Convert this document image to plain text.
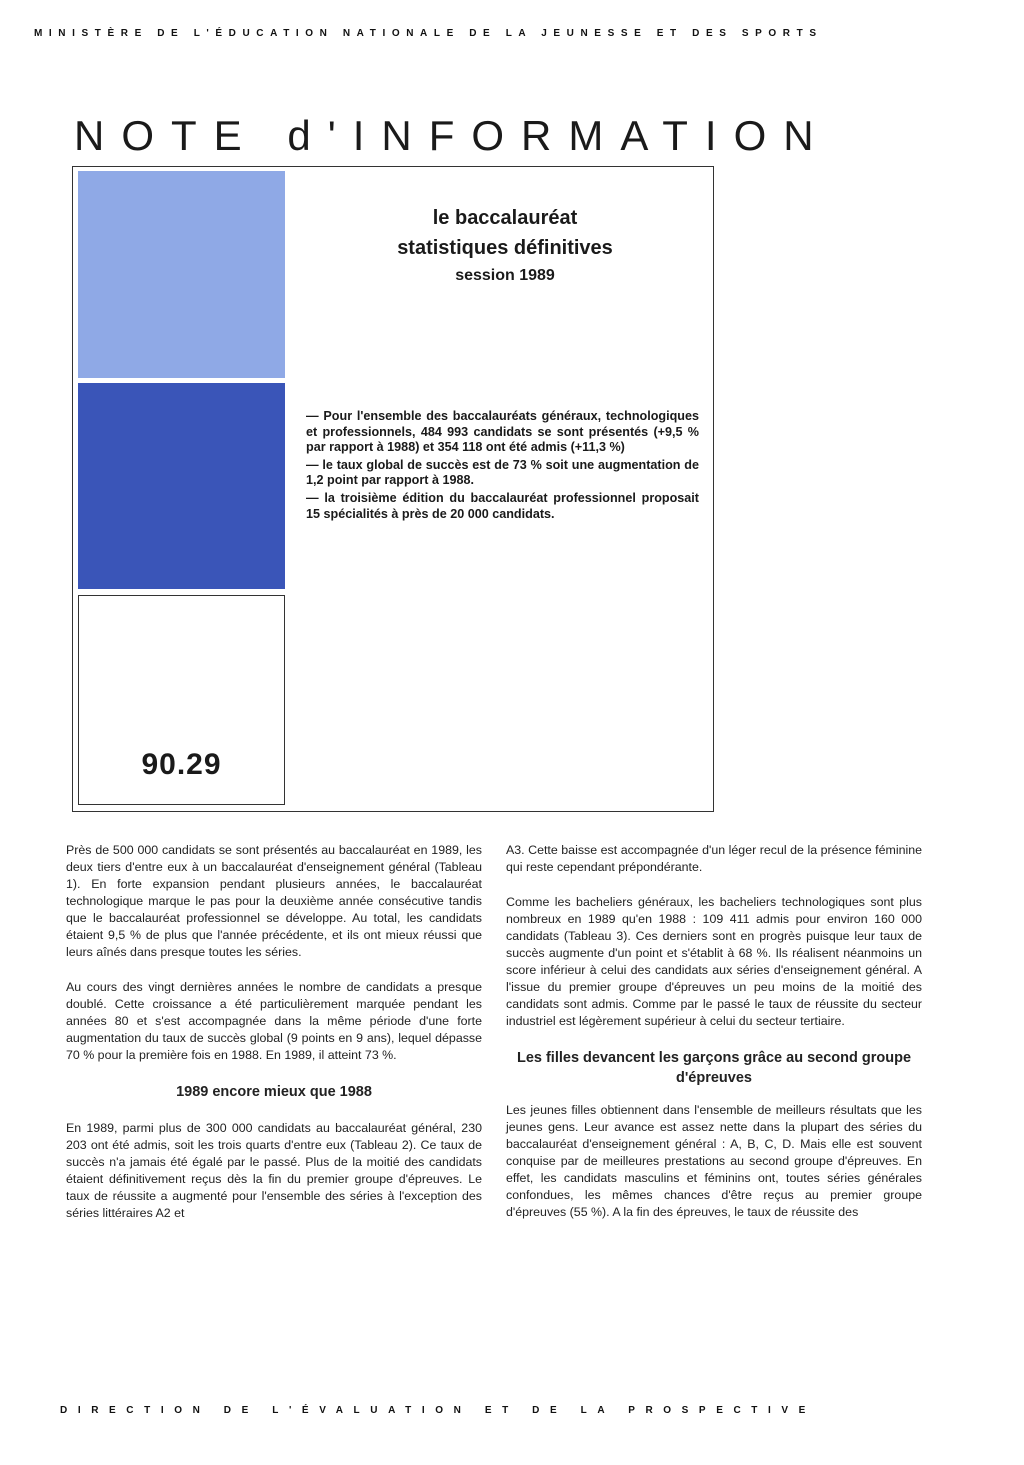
MINISTÈRE DE L'ÉDUCATION NATIONALE DE LA JEUNESSE ET DES SPORTS
NOTE d'INFORMATION
90.29
le baccalauréat
statistiques définitives
session 1989

— Pour l'ensemble des baccalauréats généraux, technologiques et professionnels, 484 993 candidats se sont présentés (+9,5 % par rapport à 1988) et 354 118 ont été admis (+11,3 %)

— le taux global de succès est de 73 % soit une augmentation de 1,2 point par rapport à 1988.

— la troisième édition du baccalauréat professionnel proposait 15 spécialités à près de 20 000 candidats.

Près de 500 000 candidats se sont présentés au baccalauréat en 1989, les deux tiers d'entre eux à un baccalauréat d'enseignement général (Tableau 1). En forte expansion pendant plusieurs années, le baccalauréat technologique marque le pas pour la deuxième année consécutive tandis que le baccalauréat professionnel se développe. Au total, les candidats étaient 9,5 % de plus que l'année précédente, et ils ont mieux réussi que leurs aînés dans presque toutes les séries.

Au cours des vingt dernières années le nombre de candidats a presque doublé. Cette croissance a été particulièrement marquée pendant les années 80 et s'est accompagnée dans la même période d'une forte augmentation du taux de succès global (9 points en 9 ans), lequel dépasse 70 % pour la première fois en 1988. En 1989, il atteint 73 %.

1989 encore mieux que 1988

En 1989, parmi plus de 300 000 candidats au baccalauréat général, 230 203 ont été admis, soit les trois quarts d'entre eux (Tableau 2). Ce taux de succès n'a jamais été égalé par le passé. Plus de la moitié des candidats étaient définitivement reçus dès la fin du premier groupe d'épreuves. Le taux de réussite a augmenté pour l'ensemble des séries à l'exception des séries littéraires A2 et

A3. Cette baisse est accompagnée d'un léger recul de la présence féminine qui reste cependant prépondérante.

Comme les bacheliers généraux, les bacheliers technologiques sont plus nombreux en 1989 qu'en 1988 : 109 411 admis pour environ 160 000 candidats (Tableau 3). Ces derniers sont en progrès puisque leur taux de succès augmente d'un point et s'établit à 68 %. Ils réalisent néanmoins un score inférieur à celui des candidats aux séries d'enseignement général. A l'issue du premier groupe d'épreuves un peu moins de la moitié des candidats sont admis. Comme par le passé le taux de réussite du secteur industriel est légèrement supérieur à celui du secteur tertiaire.

Les filles devancent les garçons grâce au second groupe d'épreuves

Les jeunes filles obtiennent dans l'ensemble de meilleurs résultats que les jeunes gens. Leur avance est assez nette dans la plupart des séries du baccalauréat d'enseignement général : A, B, C, D. Mais elle est souvent conquise par de meilleures prestations au second groupe d'épreuves. En effet, les candidats masculins et féminins ont, toutes séries générales confondues, les mêmes chances d'être reçus au premier groupe d'épreuves (55 %). A la fin des épreuves, le taux de réussite des

DIRECTION DE L'ÉVALUATION ET DE LA PROSPECTIVE
